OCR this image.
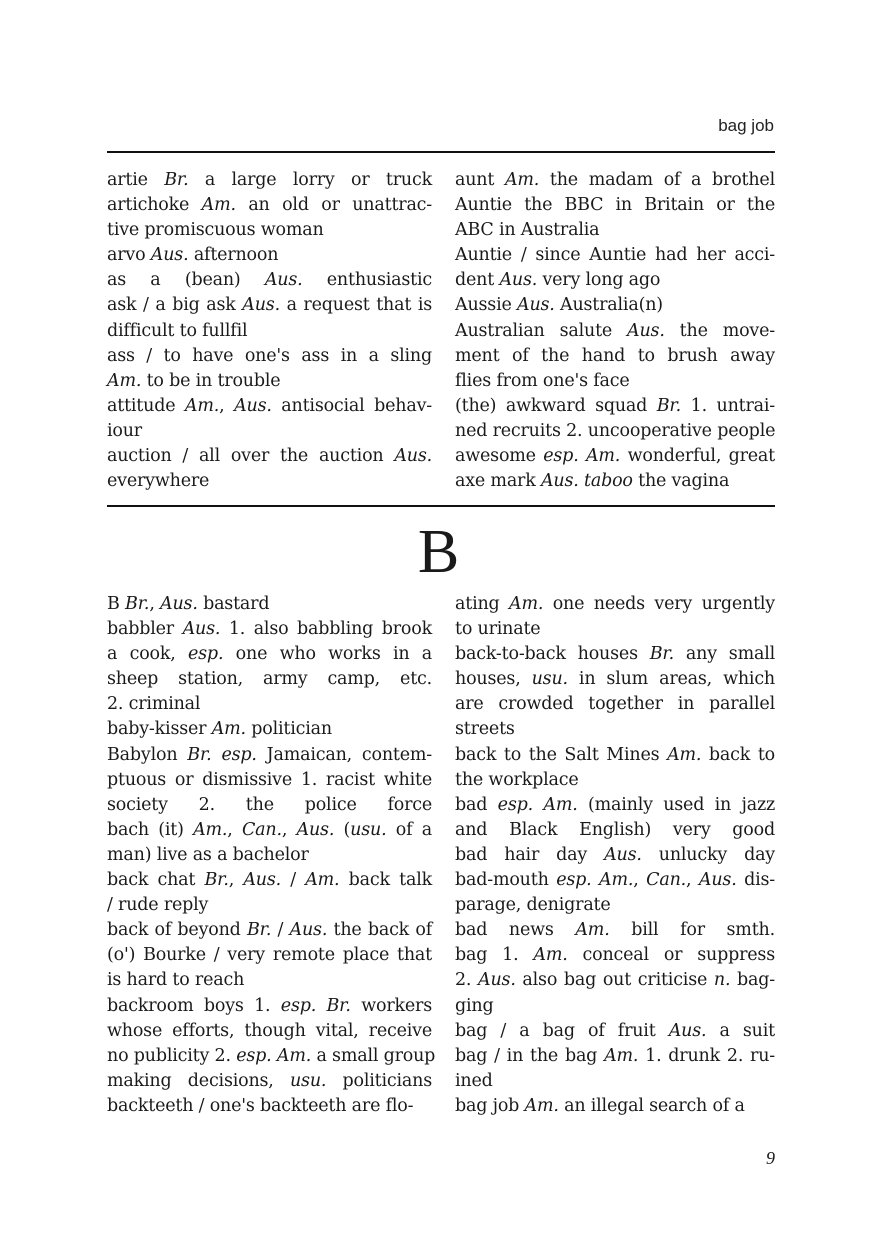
bag job
artie Br. a large lorry or truck
artichoke Am. an old or unattrac-
tive promiscuous woman
arvo Aus. afternoon
as a (bean) Aus. enthusiastic
ask / a big ask Aus. a request that is
difficult to fullfil
ass / to have one's ass in a sling
Am. to be in trouble
attitude Am., Aus. antisocial behav-
iour
auction / all over the auction Aus.
everywhere
aunt Am. the madam of a brothel
Auntie the BBC in Britain or the
ABC in Australia
Auntie / since Auntie had her acci-
dent Aus. very long ago
Aussie Aus. Australia(n)
Australian salute Aus. the move-
ment of the hand to brush away
flies from one's face
(the) awkward squad Br. 1. untrai-
ned recruits 2. uncooperative people
awesome esp. Am. wonderful, great
axe mark Aus. taboo the vagina
B
B Br., Aus. bastard
babbler Aus. 1. also babbling brook
a cook, esp. one who works in a
sheep station, army camp, etc.
2. criminal
baby-kisser Am. politician
Babylon Br. esp. Jamaican, contem-
ptuous or dismissive 1. racist white
society 2. the police force
bach (it) Am., Can., Aus. (usu. of a
man) live as a bachelor
back chat Br., Aus. / Am. back talk
/ rude reply
back of beyond Br. / Aus. the back of
(o') Bourke / very remote place that
is hard to reach
backroom boys 1. esp. Br. workers
whose efforts, though vital, receive
no publicity 2. esp. Am. a small group
making decisions, usu. politicians
backteeth / one's backteeth are flo-
ating Am. one needs very urgently
to urinate
back-to-back houses Br. any small
houses, usu. in slum areas, which
are crowded together in parallel
streets
back to the Salt Mines Am. back to
the workplace
bad esp. Am. (mainly used in jazz
and Black English) very good
bad hair day Aus. unlucky day
bad-mouth esp. Am., Can., Aus. dis-
parage, denigrate
bad news Am. bill for smth.
bag 1. Am. conceal or suppress
2. Aus. also bag out criticise n. bag-
ging
bag / a bag of fruit Aus. a suit
bag / in the bag Am. 1. drunk 2. ru-
ined
bag job Am. an illegal search of a
9
